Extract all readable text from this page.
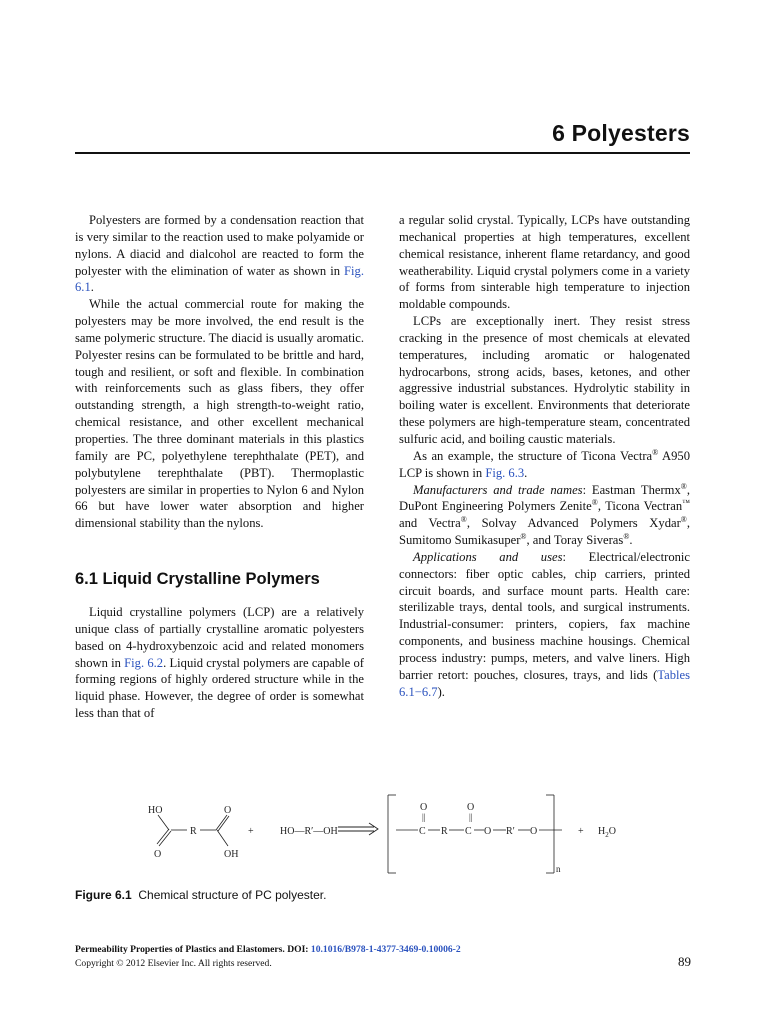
6 Polyesters

Polyesters are formed by a condensation reaction that is very similar to the reaction used to make polyamide or nylons. A diacid and dialcohol are reacted to form the polyester with the elimination of water as shown in Fig. 6.1.

While the actual commercial route for making the polyesters may be more involved, the end result is the same polymeric structure. The diacid is usually aromatic. Polyester resins can be formulated to be brittle and hard, tough and resilient, or soft and flexible. In combination with reinforcements such as glass fibers, they offer outstanding strength, a high strength-to-weight ratio, chemical resistance, and other excellent mechanical properties. The three dominant materials in this plastics family are PC, polyethylene terephthalate (PET), and polybutylene terephthalate (PBT). Thermoplastic polyesters are similar in properties to Nylon 6 and Nylon 66 but have lower water absorption and higher dimensional stability than the nylons.

6.1 Liquid Crystalline Polymers

Liquid crystalline polymers (LCP) are a relatively unique class of partially crystalline aromatic polyesters based on 4-hydroxybenzoic acid and related monomers shown in Fig. 6.2. Liquid crystal polymers are capable of forming regions of highly ordered structure while in the liquid phase. However, the degree of order is somewhat less than that of

a regular solid crystal. Typically, LCPs have outstanding mechanical properties at high temperatures, excellent chemical resistance, inherent flame retardancy, and good weatherability. Liquid crystal polymers come in a variety of forms from sinterable high temperature to injection moldable compounds.

LCPs are exceptionally inert. They resist stress cracking in the presence of most chemicals at elevated temperatures, including aromatic or halogenated hydrocarbons, strong acids, bases, ketones, and other aggressive industrial substances. Hydrolytic stability in boiling water is excellent. Environments that deteriorate these polymers are high-temperature steam, concentrated sulfuric acid, and boiling caustic materials.

As an example, the structure of Ticona Vectra® A950 LCP is shown in Fig. 6.3.

Manufacturers and trade names: Eastman Thermx®, DuPont Engineering Polymers Zenite®, Ticona Vectran™ and Vectra®, Solvay Advanced Polymers Xydar®, Sumitomo Sumikasuper®, and Toray Siveras®.

Applications and uses: Electrical/electronic connectors: fiber optic cables, chip carriers, printed circuit boards, and surface mount parts. Health care: sterilizable trays, dental tools, and surgical instruments. Industrial-consumer: printers, copiers, fax machine components, and business machine housings. Chemical process industry: pumps, meters, and valve liners. High barrier retort: pouches, closures, trays, and lids (Tables 6.1−6.7).

HO	O
R
O	OH
+	HO—R′—OH
O
||
O
||
C R C O R′ O
n
+ $H_2O$

Figure 6.1 Chemical structure of PC polyester.

Permeability Properties of Plastics and Elastomers. DOI: 10.1016/B978-1-4377-3469-0.10006-2
Copyright © 2012 Elsevier Inc. All rights reserved.	89
